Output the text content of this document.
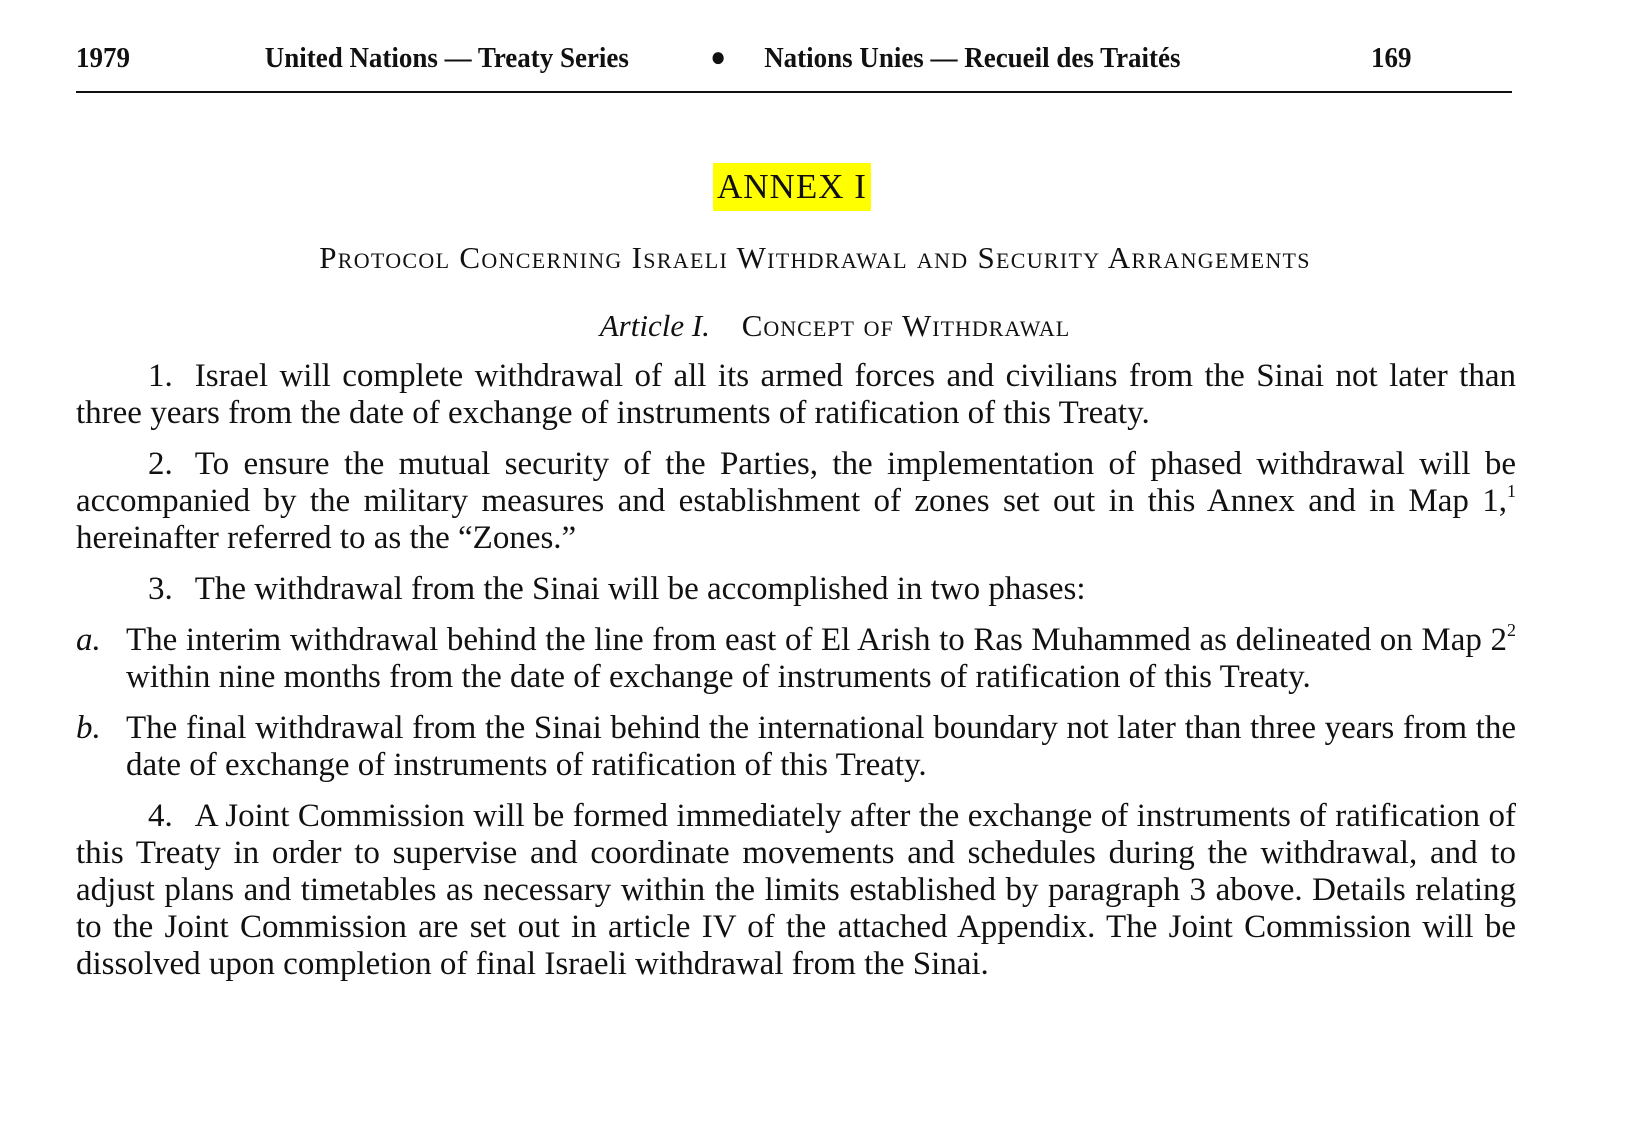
1979	United Nations — Treaty Series	● Nations Unies — Recueil des Traités	169
ANNEX I
Protocol Concerning Israeli Withdrawal and Security Arrangements
Article I. Concept of Withdrawal

1. Israel will complete withdrawal of all its armed forces and civilians from the Sinai not later than three years from the date of exchange of instruments of ratification of this Treaty.

2. To ensure the mutual security of the Parties, the implementation of phased withdrawal will be accompanied by the military measures and establishment of zones set out in this Annex and in Map 1,$^1$ hereinafter referred to as the “Zones.”

3. The withdrawal from the Sinai will be accomplished in two phases:

a. The interim withdrawal behind the line from east of El Arish to Ras Muhammed as delineated on Map $2^2$ within nine months from the date of exchange of instruments of ratification of this Treaty.
b. The final withdrawal from the Sinai behind the international boundary not later than three years from the date of exchange of instruments of ratification of this Treaty.

4. A Joint Commission will be formed immediately after the exchange of instruments of ratification of this Treaty in order to supervise and coordinate movements and schedules during the withdrawal, and to adjust plans and timetables as necessary within the limits established by paragraph 3 above. Details relating to the Joint Commission are set out in article IV of the attached Appendix. The Joint Commission will be dissolved upon completion of final Israeli withdrawal from the Sinai.
